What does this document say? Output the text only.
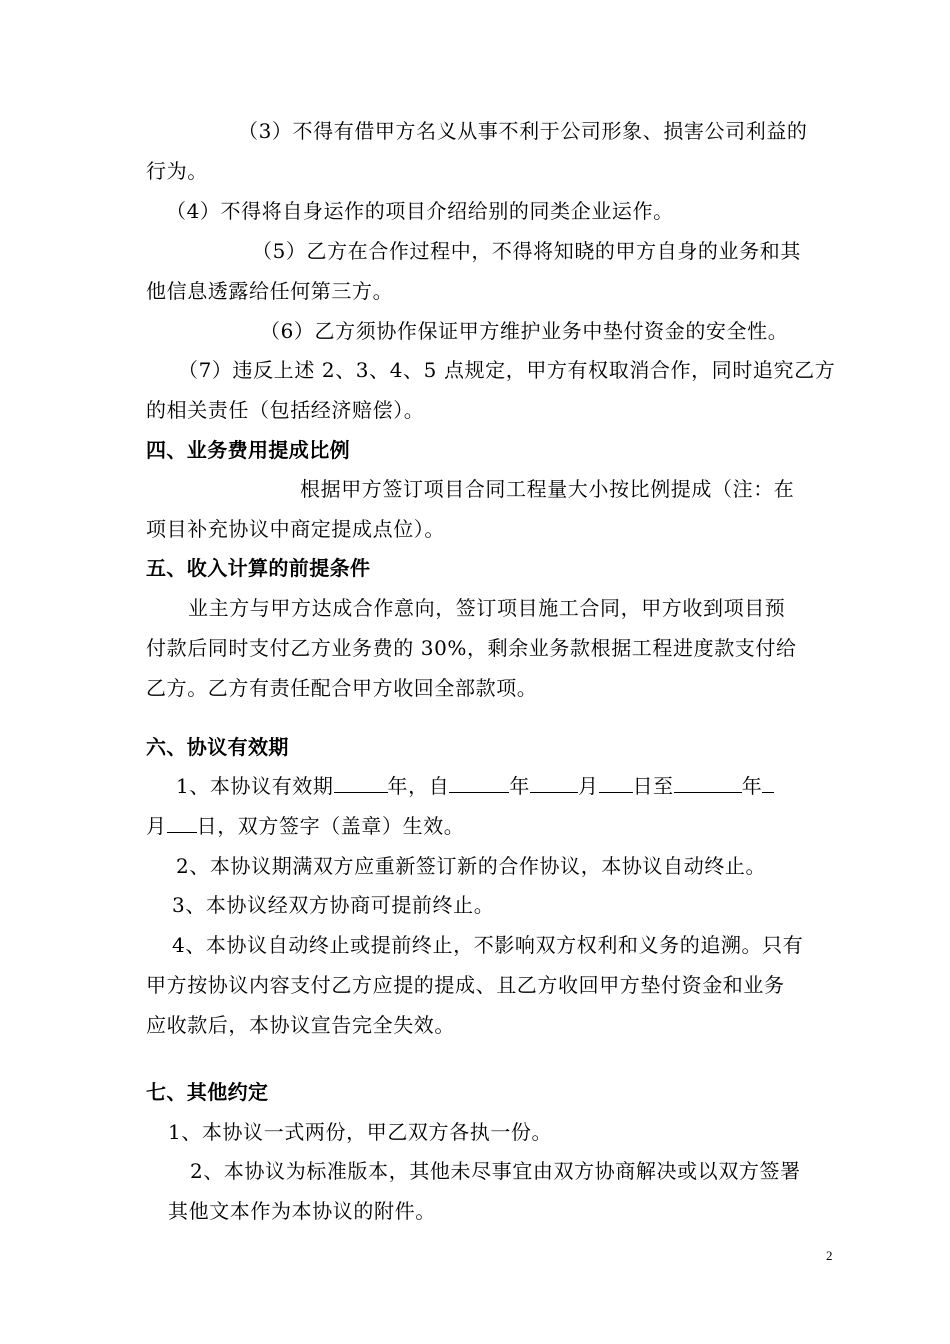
（3）不得有借甲方名义从事不利于公司形象、损害公司利益的
行为。
（4）不得将自身运作的项目介绍给别的同类企业运作。
（5）乙方在合作过程中，不得将知晓的甲方自身的业务和其
他信息透露给任何第三方。
（6）乙方须协作保证甲方维护业务中垫付资金的安全性。
（7）违反上述 2、3、4、5 点规定，甲方有权取消合作，同时追究乙方
的相关责任（包括经济赔偿）。
四、业务费用提成比例
根据甲方签订项目合同工程量大小按比例提成（注：在
项目补充协议中商定提成点位）。
五、收入计算的前提条件
业主方与甲方达成合作意向，签订项目施工合同，甲方收到项目预
付款后同时支付乙方业务费的 30%，剩余业务款根据工程进度款支付给
乙方。乙方有责任配合甲方收回全部款项。
六、协议有效期
1、本协议有效期	年，自	年 月 日至	年
月 日，双方签字（盖章）生效。
2、本协议期满双方应重新签订新的合作协议，本协议自动终止。
3、本协议经双方协商可提前终止。
4、本协议自动终止或提前终止，不影响双方权利和义务的追溯。只有
甲方按协议内容支付乙方应提的提成、且乙方收回甲方垫付资金和业务
应收款后，本协议宣告完全失效。
七、其他约定
1、本协议一式两份，甲乙双方各执一份。
2、本协议为标准版本，其他未尽事宜由双方协商解决或以双方签署
其他文本作为本协议的附件。
2
